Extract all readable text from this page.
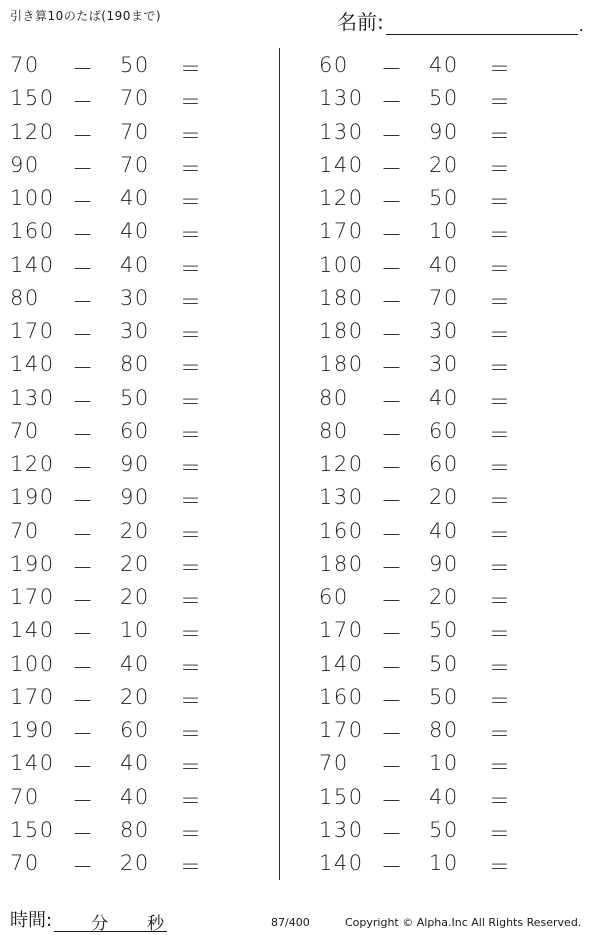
引き算10のたば(190まで)	名前:	.
70	－ 50	＝
150 － 70	＝
120 － 70	＝
90	－ 70	＝
100 － 40	＝
160 － 40	＝
140 － 40	＝
80	－ 30	＝
170 － 30	＝
140 － 80	＝
130 － 50	＝
70	－ 60	＝
120 － 90	＝
190 － 90	＝
70	－ 20	＝
190 － 20	＝
170 － 20	＝
140 － 10	＝
100 － 40	＝
170 － 20	＝
190 － 60	＝
140 － 40	＝
70	－ 40	＝
150 － 80	＝
70	－ 20	＝
60	－ 40	＝
130 － 50	＝
130 － 90	＝
140 － 20	＝
120 － 50	＝
170 － 10	＝
100 － 40	＝
180 － 70	＝
180 － 30	＝
180 － 30	＝
80	－ 40	＝
80	－ 60	＝
120 － 60	＝
130 － 20	＝
160 － 40	＝
180 － 90	＝
60	－ 20	＝
170 － 50	＝
140 － 50	＝
160 － 50	＝
170 － 80	＝
70	－ 10	＝
150 － 40	＝
130 － 50	＝
140 － 10	＝
時間: 分 秒	87/400	Copyright © Alpha.Inc All Rights Reserved.
